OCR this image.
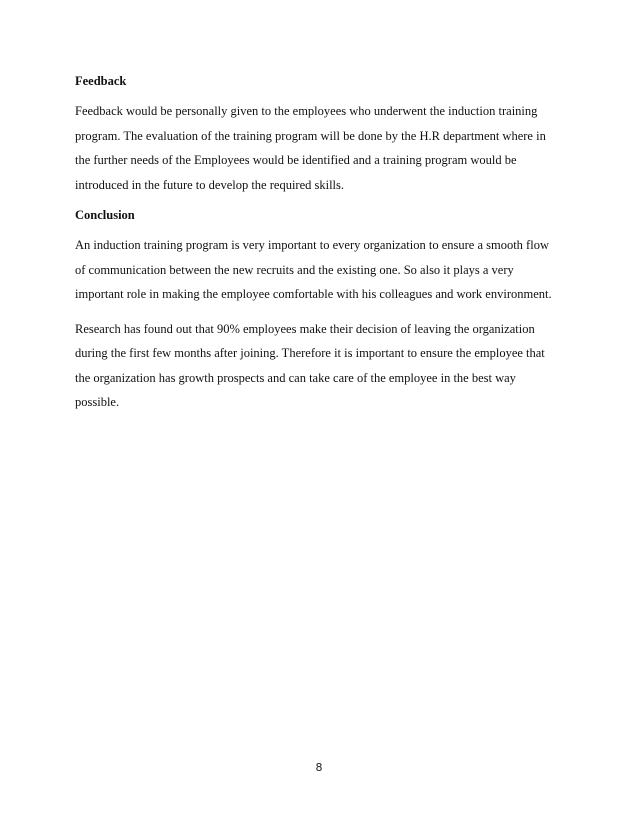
Feedback
Feedback would be personally given to the employees who underwent the induction training
program. The evaluation of the training program will be done by the H.R department where in
the further needs of the Employees would be identified and a training program would be
introduced in the future to develop the required skills.
Conclusion
An induction training program is very important to every organization to ensure a smooth flow
of communication between the new recruits and the existing one. So also it plays a very
important role in making the employee comfortable with his colleagues and work environment.
Research has found out that 90% employees make their decision of leaving the organization
during the first few months after joining. Therefore it is important to ensure the employee that
the organization has growth prospects and can take care of the employee in the best way
possible.
8
